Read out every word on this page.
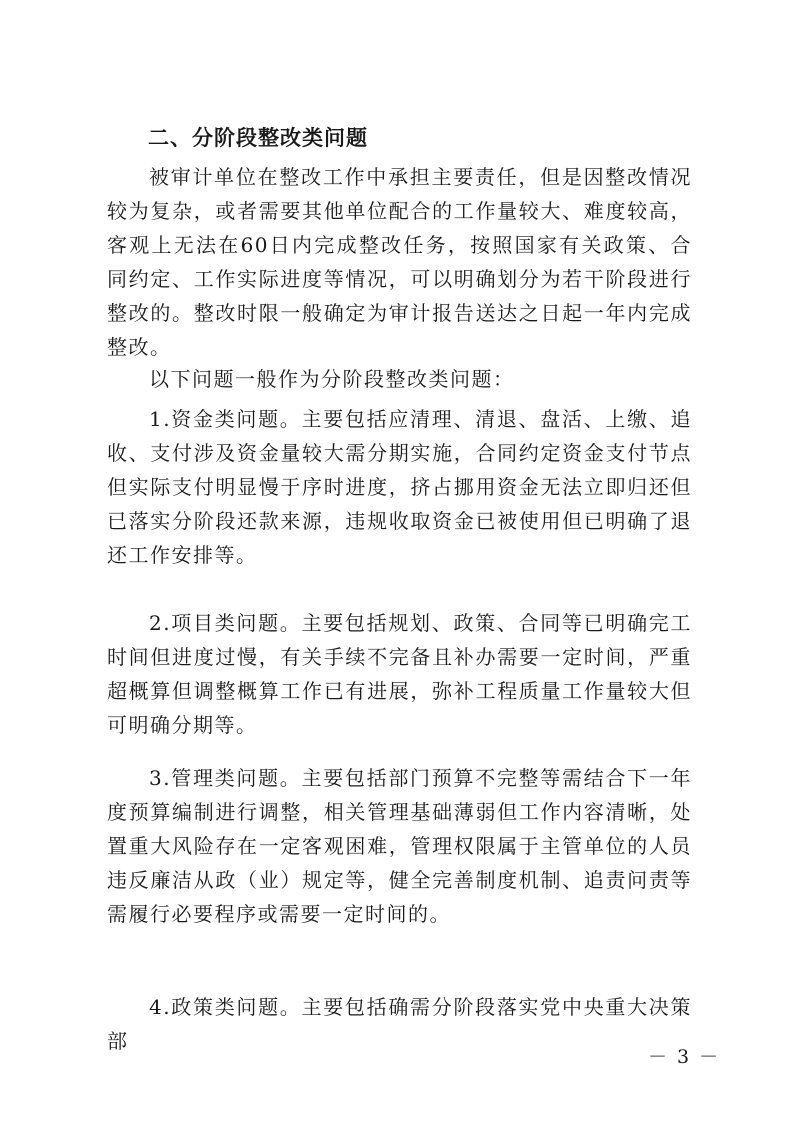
二、分阶段整改类问题

被审计单位在整改工作中承担主要责任，但是因整改情况较为复杂，或者需要其他单位配合的工作量较大、难度较高，客观上无法在60日内完成整改任务，按照国家有关政策、合同约定、工作实际进度等情况，可以明确划分为若干阶段进行整改的。整改时限一般确定为审计报告送达之日起一年内完成整改。

以下问题一般作为分阶段整改类问题：

1.资金类问题。主要包括应清理、清退、盘活、上缴、追收、支付涉及资金量较大需分期实施，合同约定资金支付节点但实际支付明显慢于序时进度，挤占挪用资金无法立即归还但已落实分阶段还款来源，违规收取资金已被使用但已明确了退还工作安排等。

2.项目类问题。主要包括规划、政策、合同等已明确完工时间但进度过慢，有关手续不完备且补办需要一定时间，严重超概算但调整概算工作已有进展，弥补工程质量工作量较大但可明确分期等。

3.管理类问题。主要包括部门预算不完整等需结合下一年度预算编制进行调整，相关管理基础薄弱但工作内容清晰，处置重大风险存在一定客观困难，管理权限属于主管单位的人员违反廉洁从政（业）规定等，健全完善制度机制、追责问责等需履行必要程序或需要一定时间的。

4.政策类问题。主要包括确需分阶段落实党中央重大决策部

－ 3 －
